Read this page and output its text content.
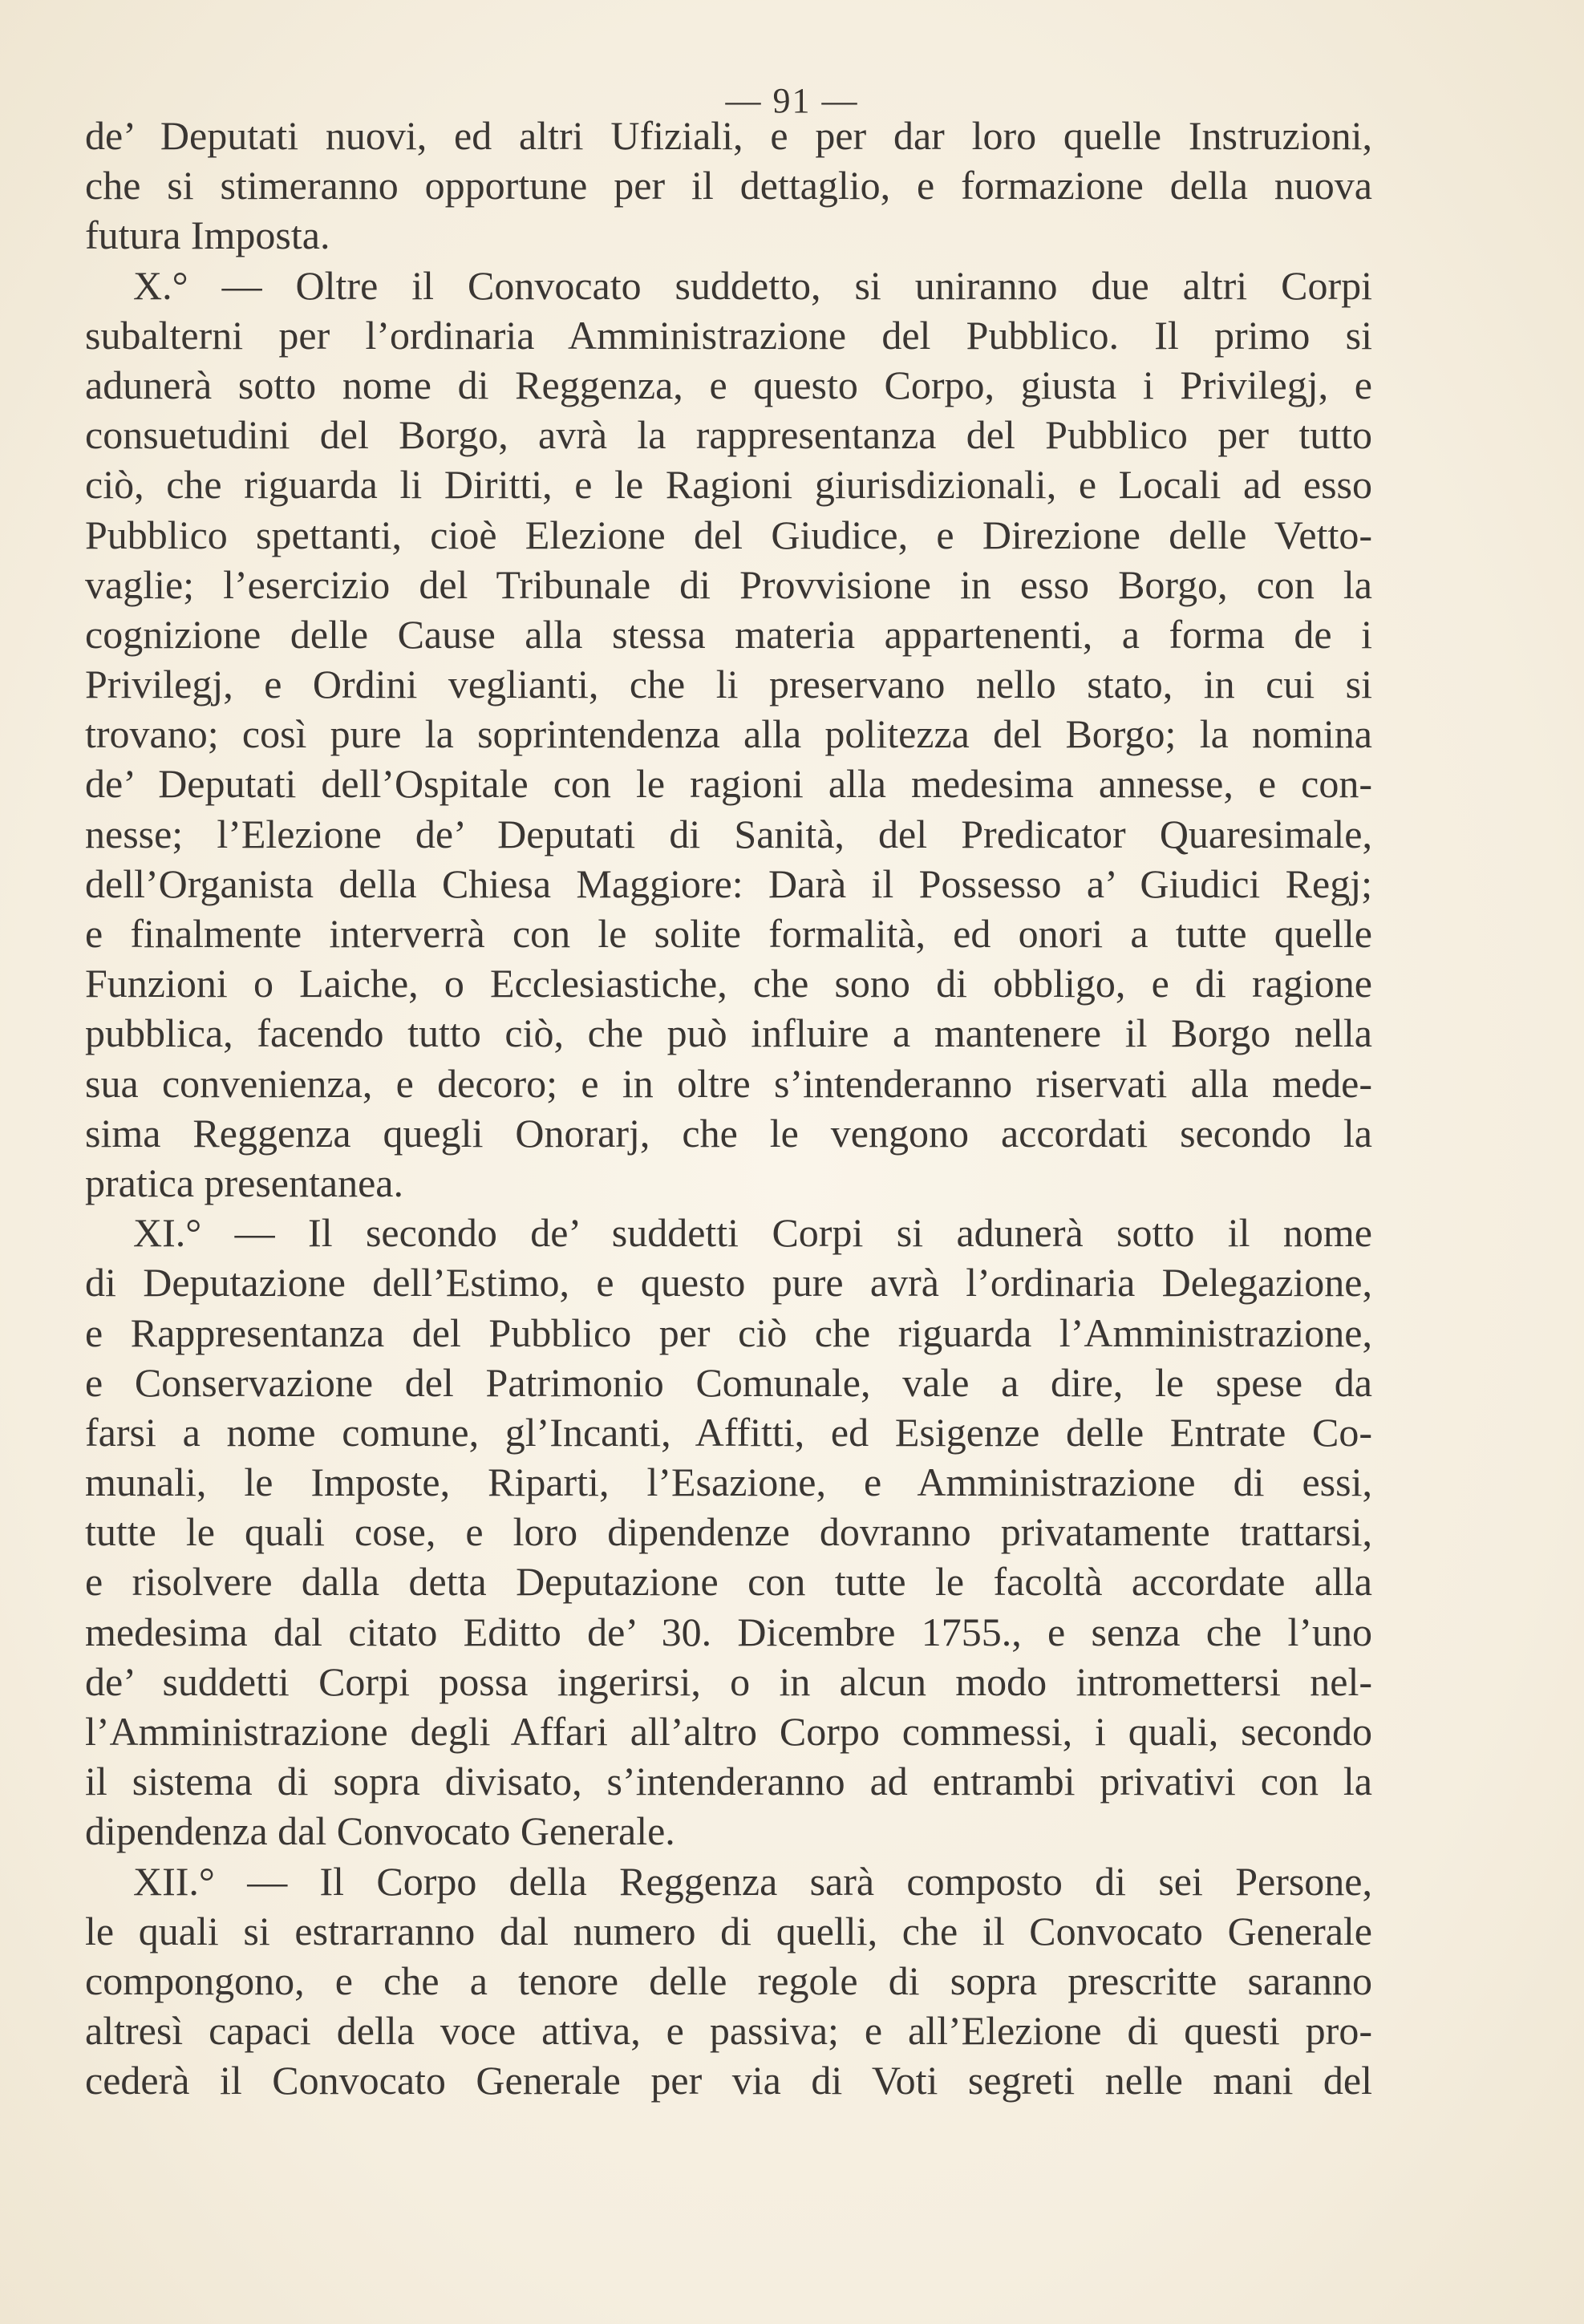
— 91 —
de’ Deputati nuovi, ed altri Ufiziali, e per dar loro quelle Instruzioni,
che si stimeranno opportune per il dettaglio, e formazione della nuova
futura Imposta.
X.° — Oltre il Convocato suddetto, si uniranno due altri Corpi
subalterni per l’ordinaria Amministrazione del Pubblico. Il primo si
adunerà sotto nome di Reggenza, e questo Corpo, giusta i Privilegj, e
consuetudini del Borgo, avrà la rappresentanza del Pubblico per tutto
ciò, che riguarda li Diritti, e le Ragioni giurisdizionali, e Locali ad esso
Pubblico spettanti, cioè Elezione del Giudice, e Direzione delle Vetto-
vaglie; l’esercizio del Tribunale di Provvisione in esso Borgo, con la
cognizione delle Cause alla stessa materia appartenenti, a forma de i
Privilegj, e Ordini veglianti, che li preservano nello stato, in cui si
trovano; così pure la soprintendenza alla politezza del Borgo; la nomina
de’ Deputati dell’Ospitale con le ragioni alla medesima annesse, e con-
nesse; l’Elezione de’ Deputati di Sanità, del Predicator Quaresimale,
dell’Organista della Chiesa Maggiore: Darà il Possesso a’ Giudici Regj;
e finalmente interverrà con le solite formalità, ed onori a tutte quelle
Funzioni o Laiche, o Ecclesiastiche, che sono di obbligo, e di ragione
pubblica, facendo tutto ciò, che può influire a mantenere il Borgo nella
sua convenienza, e decoro; e in oltre s’intenderanno riservati alla mede-
sima Reggenza quegli Onorarj, che le vengono accordati secondo la
pratica presentanea.
XI.° — Il secondo de’ suddetti Corpi si adunerà sotto il nome
di Deputazione dell’Estimo, e questo pure avrà l’ordinaria Delegazione,
e Rappresentanza del Pubblico per ciò che riguarda l’Amministrazione,
e Conservazione del Patrimonio Comunale, vale a dire, le spese da
farsi a nome comune, gl’Incanti, Affitti, ed Esigenze delle Entrate Co-
munali, le Imposte, Riparti, l’Esazione, e Amministrazione di essi,
tutte le quali cose, e loro dipendenze dovranno privatamente trattarsi,
e risolvere dalla detta Deputazione con tutte le facoltà accordate alla
medesima dal citato Editto de’ 30. Dicembre 1755., e senza che l’uno
de’ suddetti Corpi possa ingerirsi, o in alcun modo intromettersi nel-
l’Amministrazione degli Affari all’altro Corpo commessi, i quali, secondo
il sistema di sopra divisato, s’intenderanno ad entrambi privativi con la
dipendenza dal Convocato Generale.
XII.° — Il Corpo della Reggenza sarà composto di sei Persone,
le quali si estrarranno dal numero di quelli, che il Convocato Generale
compongono, e che a tenore delle regole di sopra prescritte saranno
altresì capaci della voce attiva, e passiva; e all’Elezione di questi pro-
cederà il Convocato Generale per via di Voti segreti nelle mani del
